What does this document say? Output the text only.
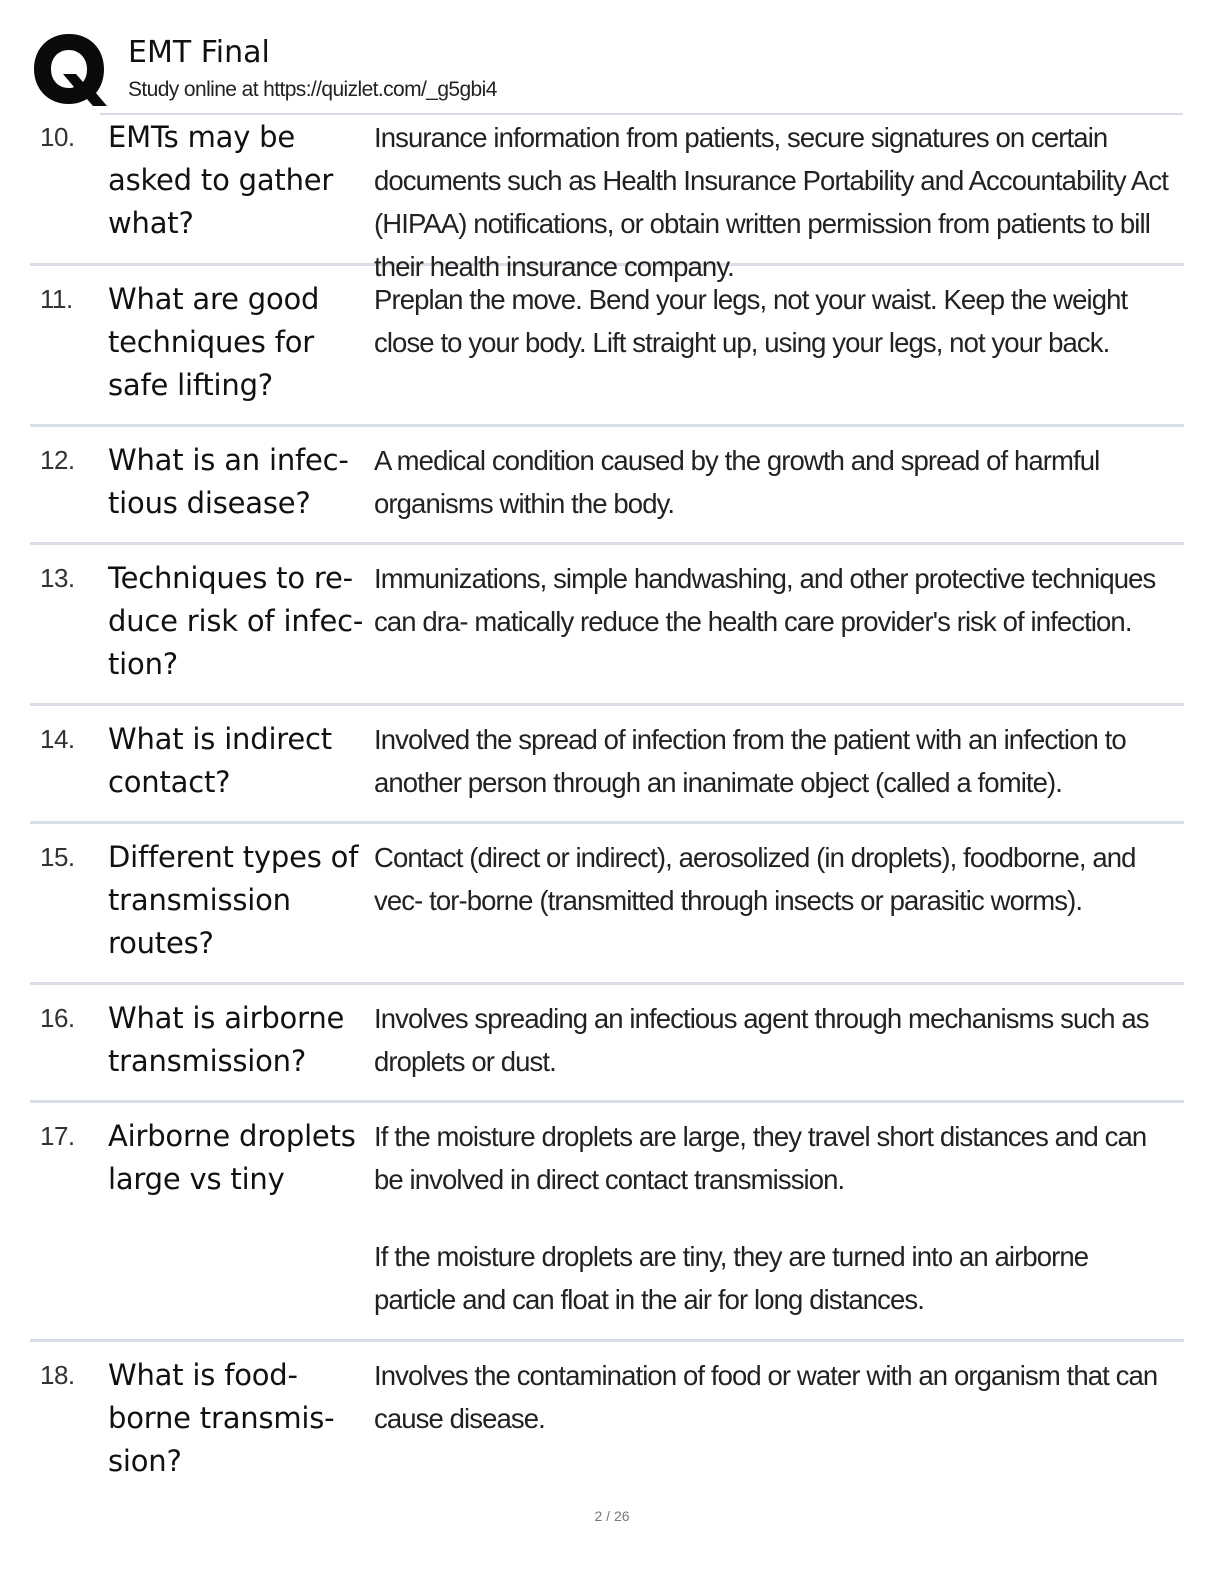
EMT Final
Study online at https://quizlet.com/_g5gbi4
10.	EMTs may be asked to gather what?

Insurance information from patients, secure signatures on certain documents such as Health Insurance Portability and Accountability Act (HIPAA) notifications, or obtain written permission from patients to bill their health insurance company.

11.	What are good techniques for safe lifting?

Preplan the move. Bend your legs, not your waist. Keep the weight close to your body. Lift straight up, using your legs, not your back.

12.	What is an infec- tious disease?

A medical condition caused by the growth and spread of harmful organisms within the body.

13.	Techniques to re- duce risk of infec- tion?

Immunizations, simple handwashing, and other protective techniques can dra- matically reduce the health care provider's risk of infection.

14.	What is indirect contact?

Involved the spread of infection from the patient with an infection to another person through an inanimate object (called a fomite).

15.	Different types of transmission routes?

Contact (direct or indirect), aerosolized (in droplets), foodborne, and vec- tor-borne (transmitted through insects or parasitic worms).

16.	What is airborne transmission?

Involves spreading an infectious agent through mechanisms such as droplets or dust.

17.	Airborne droplets large vs tiny

If the moisture droplets are large, they travel short distances and can be involved in direct contact transmission.

If the moisture droplets are tiny, they are turned into an airborne particle and can float in the air for long distances.

18.	What is food- borne transmis- sion?

Involves the contamination of food or water with an organism that can cause disease.

2 / 26
